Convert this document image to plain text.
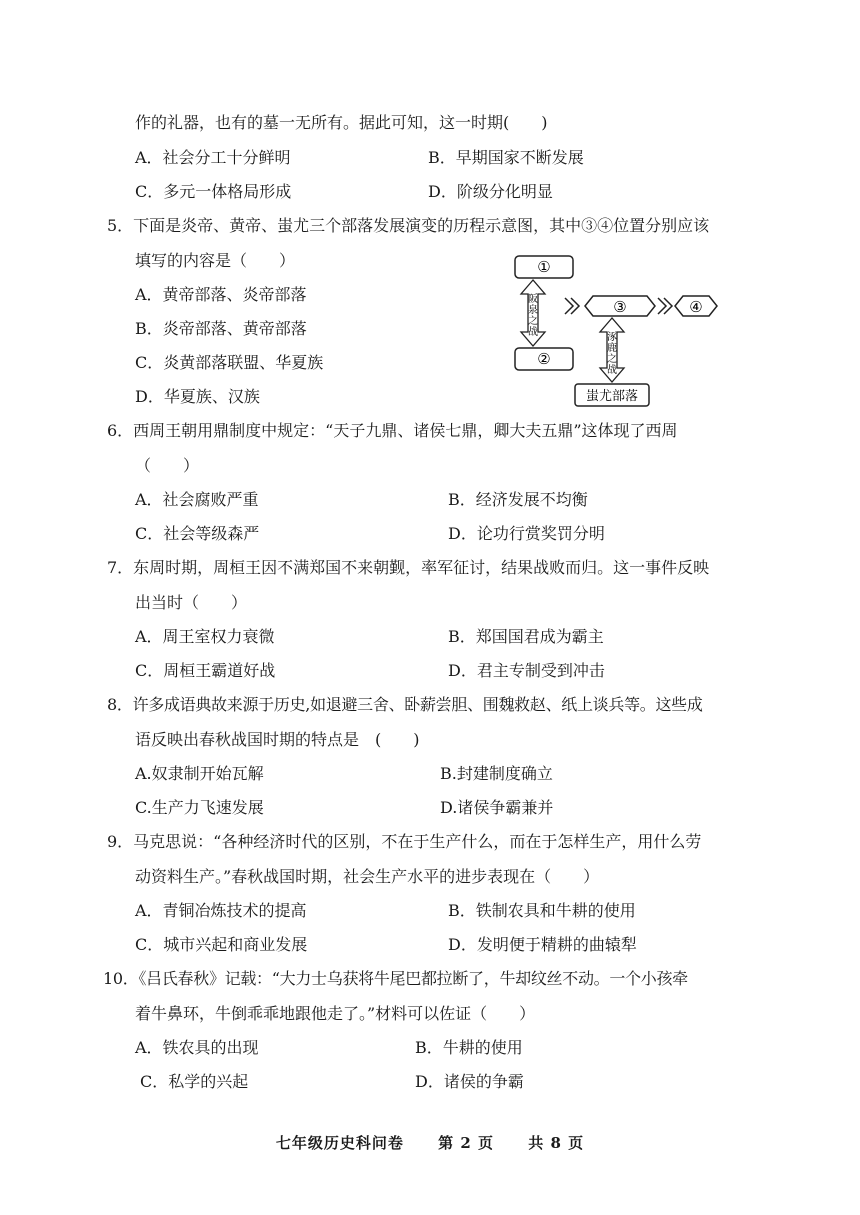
作的礼器，也有的墓一无所有。据此可知，这一时期(　　)
A．社会分工十分鲜明	B．早期国家不断发展
C．多元一体格局形成	D．阶级分化明显
5．下面是炎帝、黄帝、蚩尤三个部落发展演变的历程示意图，其中③④位置分别应该
填写的内容是（　　）
A．黄帝部落、炎帝部落
B．炎帝部落、黄帝部落
C．炎黄部落联盟、华夏族
D．华夏族、汉族
①
②
阪
泉
之
战
③	④
涿
鹿
之
战
蚩尤部落
6．西周王朝用鼎制度中规定：“天子九鼎、诸侯七鼎，卿大夫五鼎”这体现了西周
（　　）
A．社会腐败严重	B．经济发展不均衡
C．社会等级森严	D．论功行赏奖罚分明
7．东周时期，周桓王因不满郑国不来朝觐，率军征讨，结果战败而归。这一事件反映
出当时（　　）
A．周王室权力衰微	B．郑国国君成为霸主
C．周桓王霸道好战	D．君主专制受到冲击
8．许多成语典故来源于历史,如退避三舍、卧薪尝胆、围魏救赵、纸上谈兵等。这些成
语反映出春秋战国时期的特点是　(　　)
A.奴隶制开始瓦解	B.封建制度确立
C.生产力飞速发展	D.诸侯争霸兼并
9．马克思说：“各种经济时代的区别，不在于生产什么，而在于怎样生产，用什么劳
动资料生产。”春秋战国时期，社会生产水平的进步表现在（　　）
A．青铜冶炼技术的提高	B．铁制农具和牛耕的使用
C．城市兴起和商业发展	D．发明便于精耕的曲辕犁
10．《吕氏春秋》记载：“大力士乌获将牛尾巴都拉断了，牛却纹丝不动。一个小孩牵
着牛鼻环，牛倒乖乖地跟他走了。”材料可以佐证（　　）
A．铁农具的出现	B．牛耕的使用
C．私学的兴起	D．诸侯的争霸
七年级历史科问卷 第 2 页 共 8 页
